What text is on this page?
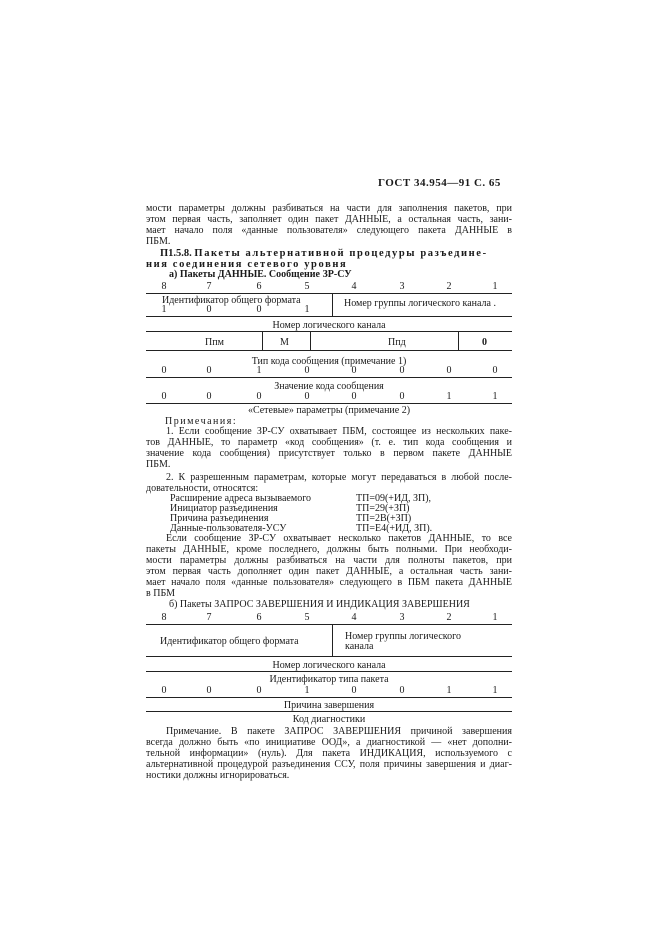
ГОСТ 34.954—91 С. 65
мости параметры должны разбиваться на части для заполнения пакетов, при
этом первая часть, заполняет один пакет ДАННЫЕ, а остальная часть, зани-
мает начало поля «данные пользователя» следующего пакета ДАННЫЕ в
ПБМ.
П1.5.8. Пакеты альтернативной процедуры разъедине-
ния соединения сетевого уровня
а) Пакеты ДАННЫЕ. Сообщение ЗР-СУ
8	7	6	5	4	3	2	1
Идентификатор общего формата
1	0	0	1
Номер группы логического канала .
Номер логического канала
Ппм	М	Ппд	0
Тип кода сообщения (примечание 1)
0	0	1	0	0	0	0	0
Значение кода сообщения
0	0	0	0	0	0	1	1
«Сетевые» параметры (примечание 2)
Примечания:
1. Если сообщение ЗР-СУ охватывает ПБМ, состоящее из нескольких паке-
тов ДАННЫЕ, то параметр «код сообщения» (т. е. тип кода сообщения и
значение кода сообщения) присутствует только в первом пакете ДАННЫЕ
ПБМ.
2. К разрешенным параметрам, которые могут передаваться в любой после-
довательности, относятся:
Расширение адреса вызываемого	ТП=09(+ИД, ЗП),
Инициатор разъединения	ТП=29(+ЗП)
Причина разъединения	ТП=2В(+ЗП)
Данные-пользователя-УСУ	ТП=Е4(+ИД, ЗП).
Если сообщение ЗР-СУ охватывает несколько пакетов ДАННЫЕ, то все
пакеты ДАННЫЕ, кроме последнего, должны быть полными. При необходи-
мости параметры должны разбиваться на части для полноты пакетов, при
этом первая часть дополняет один пакет ДАННЫЕ, а остальная часть зани-
мает начало поля «данные пользователя» следующего в ПБМ пакета ДАННЫЕ
в ПБМ
б) Пакеты ЗАПРОС ЗАВЕРШЕНИЯ И ИНДИКАЦИЯ ЗАВЕРШЕНИЯ
8	7	6	5	4	3	2	1
Идентификатор общего формата	Номер группы логического
канала
Номер логического канала
Идентификатор типа пакета
0	0	0	1	0	0	1	1
Причина завершения
Код диагностики
Примечание. В пакете ЗАПРОС ЗАВЕРШЕНИЯ причиной завершения
всегда должно быть «по инициативе ООД», а диагностикой — «нет дополни-
тельной информации» (нуль). Для пакета ИНДИКАЦИЯ, используемого с
альтернативной процедурой разъединения ССУ, поля причины завершения и диаг-
ностики должны игнорироваться.
